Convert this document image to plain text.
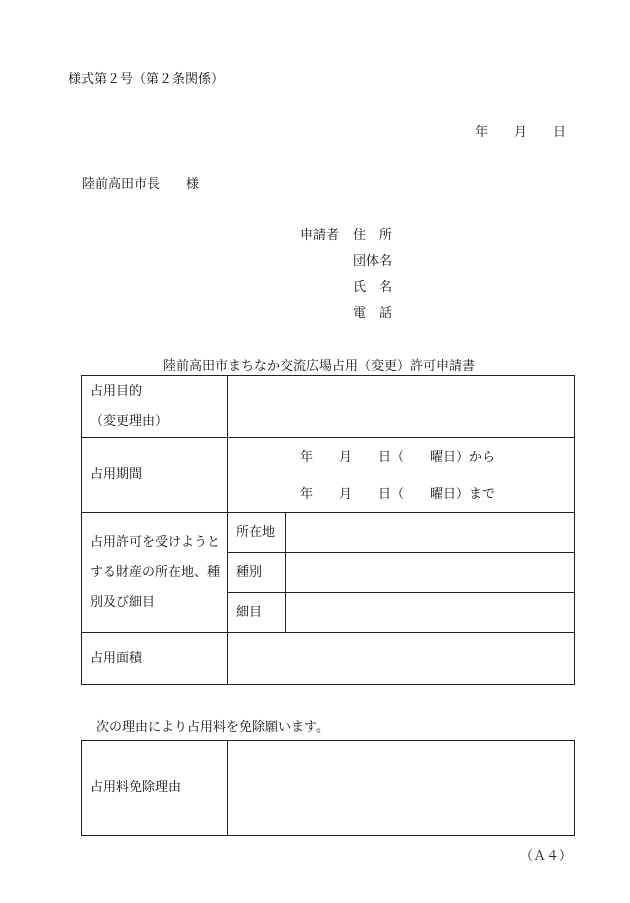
様式第２号（第２条関係）
年　　月　　日
陸前高田市長　　様
申請者 住　所
団体名
氏　名
電　話
陸前高田市まちなか交流広場占用（変更）許可申請書
占用目的
（変更理由）		

占用期間	年　　月　　日（　　曜日）から
年　　月　　日（　　曜日）まで	

占用許可を受けようと
する財産の所在地、種
別及び細目	所在地	
	種別	
	細目	
占用面積		
次の理由により占用料を免除願います。
占用料免除理由	
（Ａ４）
